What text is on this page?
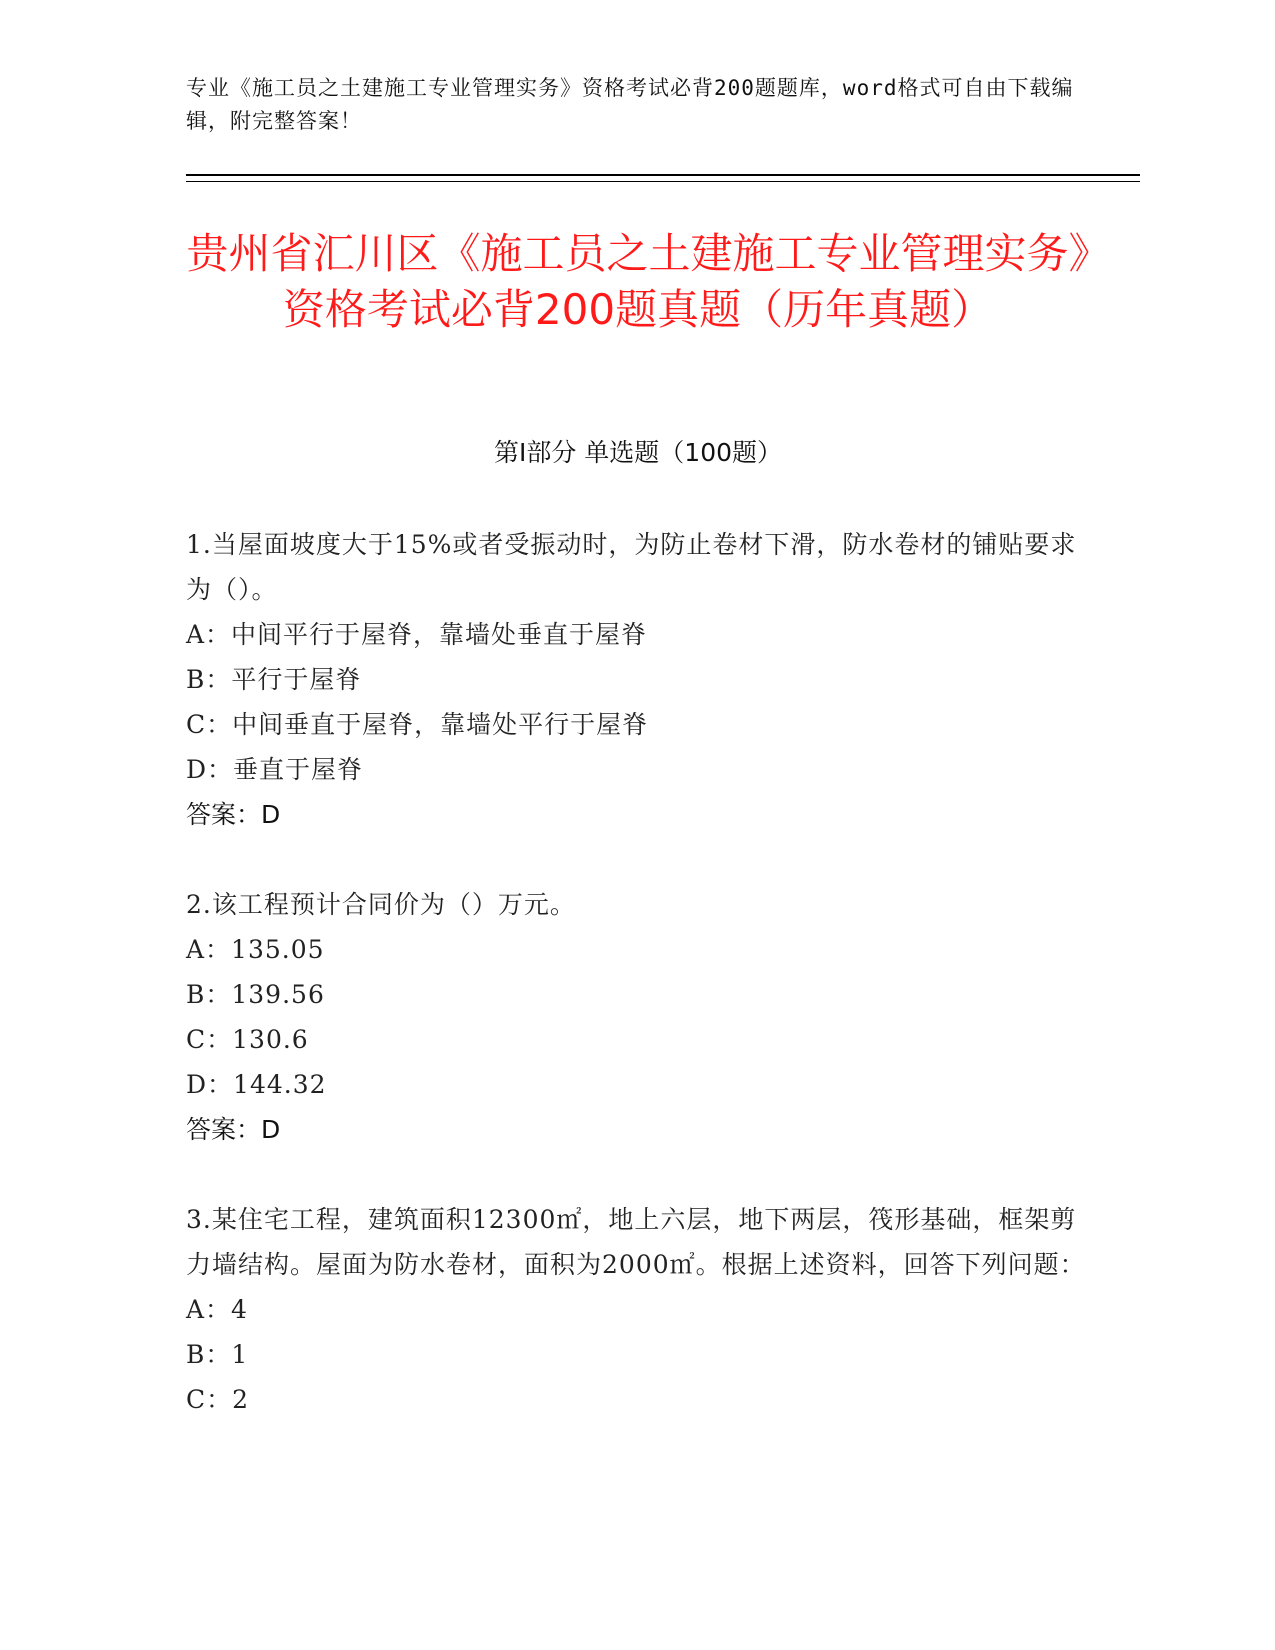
专业《施工员之土建施工专业管理实务》资格考试必背200题题库，word格式可自由下载编辑，附完整答案！
贵州省汇川区《施工员之土建施工专业管理实务》资格考试必背200题真题（历年真题）
第Ⅰ部分 单选题（100题）
1.当屋面坡度大于15%或者受振动时，为防止卷材下滑，防水卷材的铺贴要求为（）。
A：中间平行于屋脊，靠墙处垂直于屋脊
B：平行于屋脊
C：中间垂直于屋脊，靠墙处平行于屋脊
D：垂直于屋脊
答案：D
2.该工程预计合同价为（）万元。
A：135.05
B：139.56
C：130.6
D：144.32
答案：D
3.某住宅工程，建筑面积12300㎡，地上六层，地下两层，筏形基础，框架剪力墙结构。屋面为防水卷材，面积为2000㎡。根据上述资料，回答下列问题：
A：4
B：1
C：2
